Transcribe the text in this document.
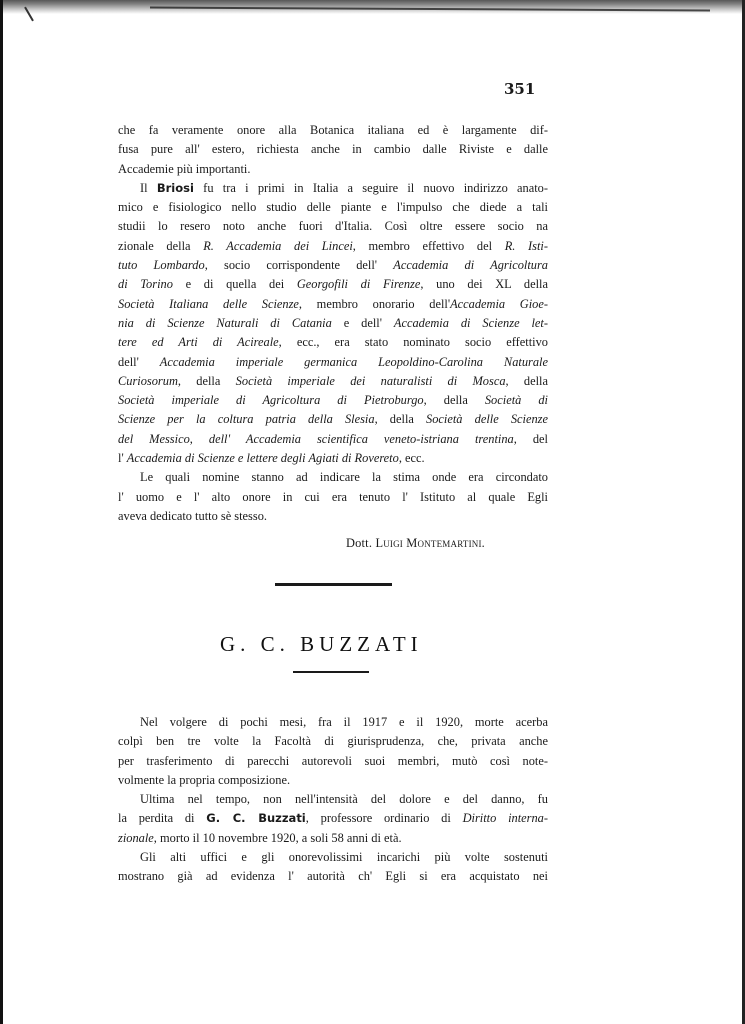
351
che fa veramente onore alla Botanica italiana ed è largamente dif-
fusa pure all' estero, richiesta anche in cambio dalle Riviste e dalle
Accademie più importanti.
Il Briosi fu tra i primi in Italia a seguire il nuovo indirizzo anato-
mico e fisiologico nello studio delle piante e l'impulso che diede a tali
studii lo resero noto anche fuori d'Italia. Così oltre essere socio na
zionale della R. Accademia dei Lincei, membro effettivo del R. Isti-
tuto Lombardo, socio corrispondente dell' Accademia di Agricoltura
di Torino e di quella dei Georgofili di Firenze, uno dei XL della
Società Italiana delle Scienze, membro onorario dell'Accademia Gioe-
nia di Scienze Naturali di Catania e dell' Accademia di Scienze let-
tere ed Arti di Acireale, ecc., era stato nominato socio effettivo
dell' Accademia imperiale germanica Leopoldino-Carolina Naturale
Curiosorum, della Società imperiale dei naturalisti di Mosca, della
Società imperiale di Agricoltura di Pietroburgo, della Società di
Scienze per la coltura patria della Slesia, della Società delle Scienze
del Messico, dell' Accademia scientifica veneto-istriana trentina, del
l' Accademia di Scienze e lettere degli Agiati di Rovereto, ecc.
Le quali nomine stanno ad indicare la stima onde era circondato
l' uomo e l' alto onore in cui era tenuto l' Istituto al quale Egli
aveva dedicato tutto sè stesso.
Dott. Luigi Montemartini.
G. C. BUZZATI
Nel volgere di pochi mesi, fra il 1917 e il 1920, morte acerba
colpì ben tre volte la Facoltà di giurisprudenza, che, privata anche
per trasferimento di parecchi autorevoli suoi membri, mutò così note-
volmente la propria composizione.
Ultima nel tempo, non nell'intensità del dolore e del danno, fu
la perdita di G. C. Buzzati, professore ordinario di Diritto interna-
zionale, morto il 10 novembre 1920, a soli 58 anni di età.
Gli alti uffici e gli onorevolissimi incarichi più volte sostenuti
mostrano già ad evidenza l' autorità ch' Egli si era acquistato nei
